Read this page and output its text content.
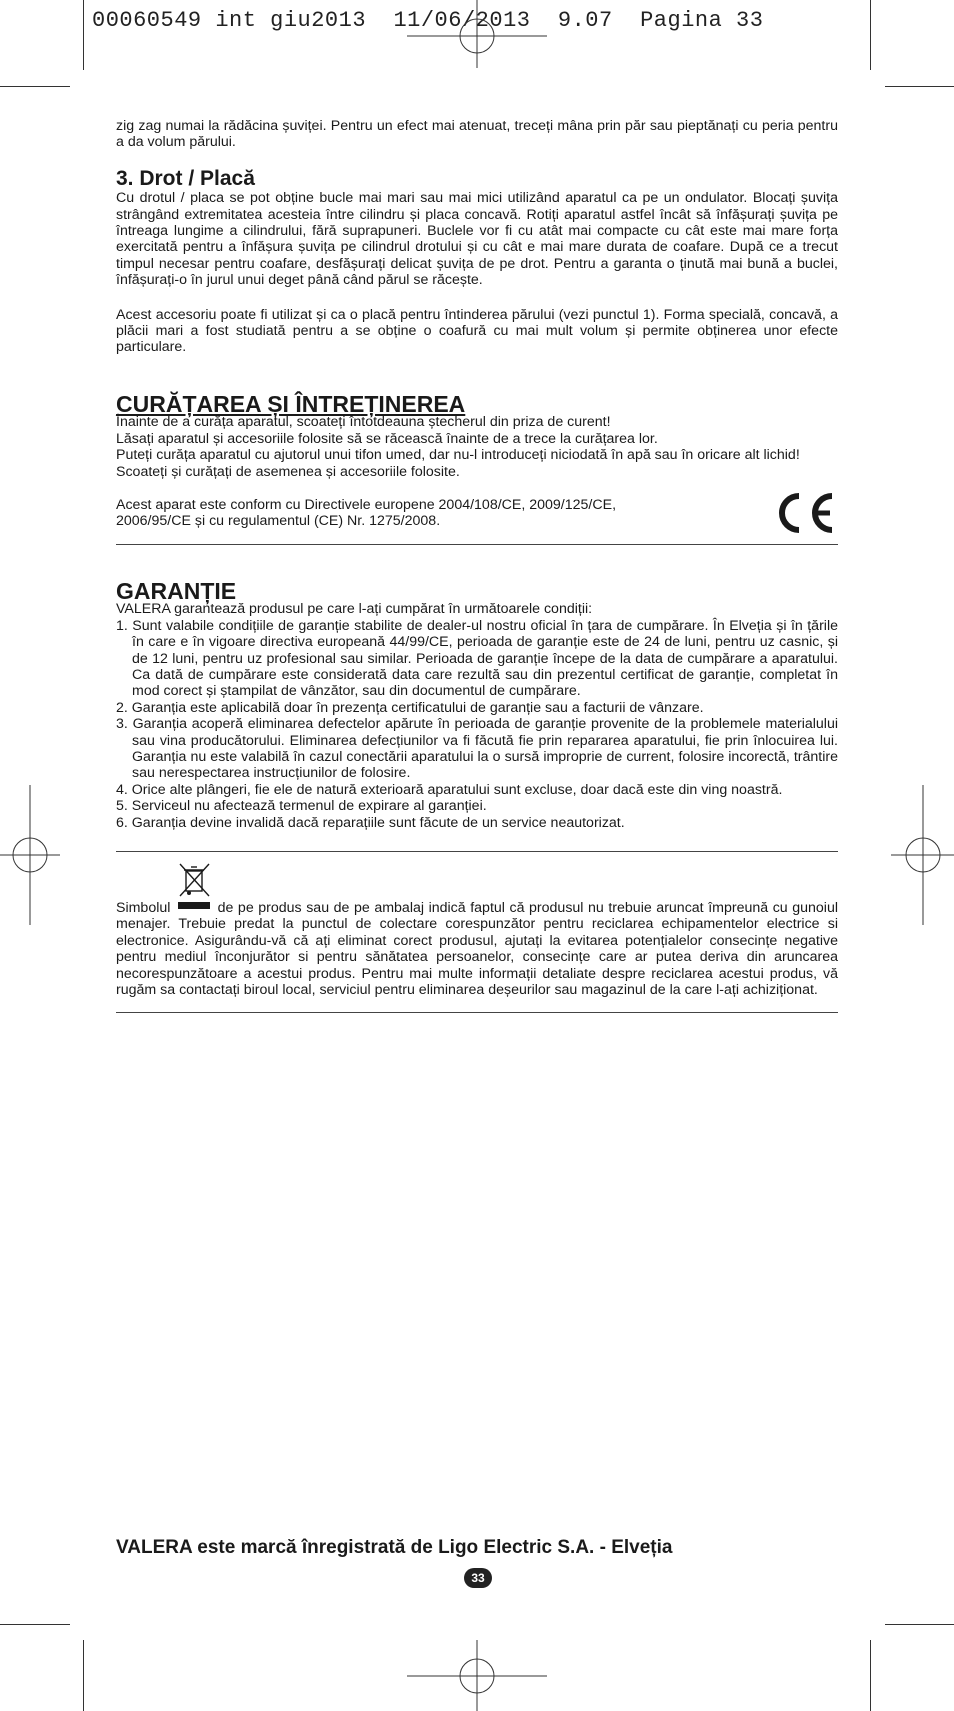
00060549 int giu2013 11/06/2013 9.07 Pagina 33

zig zag numai la rădăcina șuviței. Pentru un efect mai atenuat, treceți mâna prin păr sau pieptănați cu peria pentru a da volum părului.

3. Drot / Placă

Cu drotul / placa se pot obține bucle mai mari sau mai mici utilizând aparatul ca pe un ondulator. Blocați șuvița strângând extremitatea acesteia între cilindru și placa concavă. Rotiți aparatul astfel încât să înfășurați șuvița pe întreaga lungime a cilindrului, fără suprapuneri. Buclele vor fi cu atât mai compacte cu cât este mai mare forța exercitată pentru a înfășura șuvița pe cilindrul drotului și cu cât e mai mare durata de coafare. După ce a trecut timpul necesar pentru coafare, desfășurați delicat șuvița de pe drot. Pentru a garanta o ținută mai bună a buclei, înfășurați-o în jurul unui deget până când părul se răcește.

Acest accesoriu poate fi utilizat și ca o placă pentru întinderea părului (vezi punctul 1). Forma specială, concavă, a plăcii mari a fost studiată pentru a se obține o coafură cu mai mult volum și permite obținerea unor efecte particulare.

CURĂȚAREA ȘI ÎNTREȚINEREA

Înainte de a curăța aparatul, scoateți întotdeauna ștecherul din priza de curent!

Lăsați aparatul și accesoriile folosite să se răcească înainte de a trece la curățarea lor.

Puteți curăța aparatul cu ajutorul unui tifon umed, dar nu-l introduceți niciodată în apă sau în oricare alt lichid!

Scoateți și curățați de asemenea și accesoriile folosite.

Acest aparat este conform cu Directivele europene 2004/108/CE, 2009/125/CE, 2006/95/CE și cu regulamentul (CE) Nr. 1275/2008.

GARANȚIE

VALERA garantează produsul pe care l-ați cumpărat în următoarele condiții:

1. Sunt valabile condițiile de garanție stabilite de dealer-ul nostru oficial în țara de cumpărare. În Elveția și în țările în care e în vigoare directiva europeană 44/99/CE, perioada de garanție este de 24 de luni, pentru uz casnic, și de 12 luni, pentru uz profesional sau similar. Perioada de garanție începe de la data de cumpărare a aparatului. Ca dată de cumpărare este considerată data care rezultă sau din prezentul certificat de garanție, completat în mod corect și ștampilat de vânzător, sau din documentul de cumpărare.
2. Garanția este aplicabilă doar în prezența certificatului de garanție sau a facturii de vânzare.
3. Garanția acoperă eliminarea defectelor apărute în perioada de garanție provenite de la problemele materialului sau vina producătorului. Eliminarea defecțiunilor va fi făcută fie prin repararea aparatului, fie prin înlocuirea lui. Garanția nu este valabilă în cazul conectării aparatului la o sursă improprie de current, folosire incorectă, trântire sau nerespectarea instrucțiunilor de folosire.
4. Orice alte plângeri, fie ele de natură exterioară aparatului sunt excluse, doar dacă este din ving noastră.
5. Serviceul nu afectează termenul de expirare al garanției.
6. Garanția devine invalidă dacă reparațiile sunt făcute de un service neautorizat.

Simbolul	de pe produs sau de pe ambalaj indică faptul că produsul nu trebuie aruncat împreună cu gunoiul menajer. Trebuie predat la punctul de colectare corespunzător pentru reciclarea echipamentelor electrice si electronice. Asigurându-vă că ați eliminat corect produsul, ajutați la evitarea potențialelor consecințe negative pentru mediul înconjurător si pentru sănătatea persoanelor, consecințe care ar putea deriva din aruncarea necorespunzătoare a acestui produs. Pentru mai multe informații detaliate despre reciclarea acestui produs, vă rugăm sa contactați biroul local, serviciul pentru eliminarea deșeurilor sau magazinul de la care l-ați achiziționat.

VALERA este marcă înregistrată de Ligo Electric S.A. - Elveția
33
